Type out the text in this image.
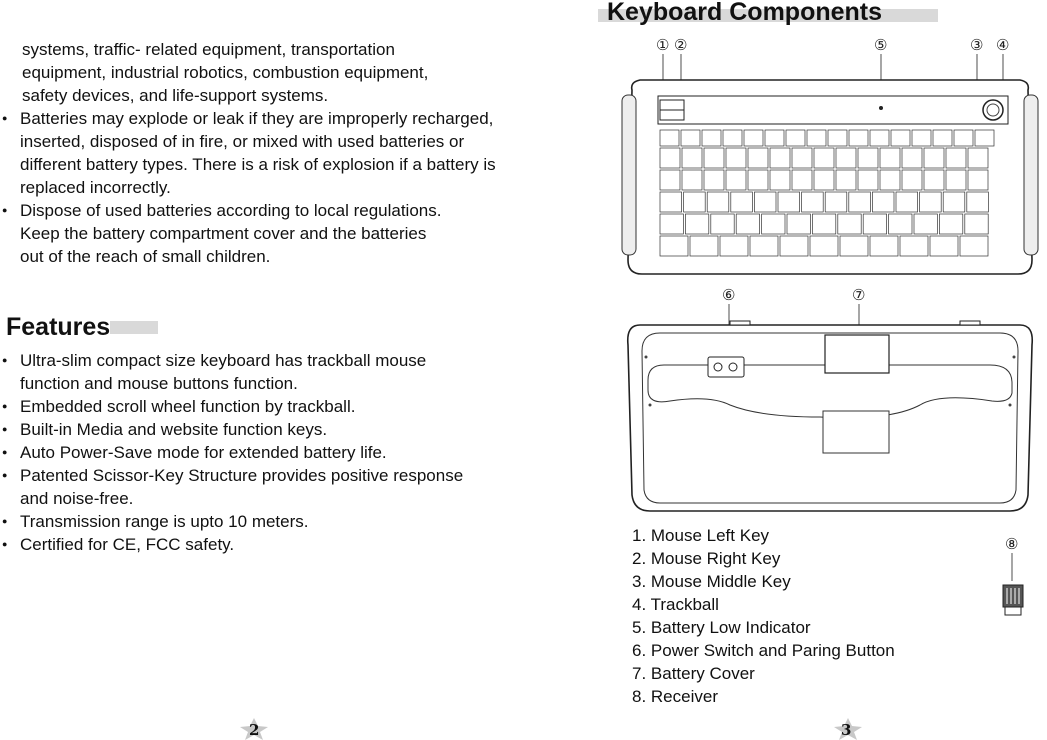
systems, traffic- related equipment, transportation
equipment, industrial robotics, combustion equipment,
safety devices, and life-support systems.
● Batteries may explode or leak if they are improperly recharged, inserted, disposed of in fire, or mixed with used batteries or different battery types. There is a risk of explosion if a battery is replaced incorrectly.
● Dispose of used batteries according to local regulations.
Keep the battery compartment cover and the batteries
out of the reach of small children.
Features
● Ultra-slim compact size keyboard has trackball mouse function and mouse buttons function.
● Embedded scroll wheel function by trackball.
● Built-in Media and website function keys.
● Auto Power-Save mode for extended battery life.
● Patented Scissor-Key Structure provides positive response and noise-free.
● Transmission range is upto 10 meters.
● Certified for CE, FCC safety.
2
Keyboard Components
① ②	⑤	③ ④
⑥	⑦
⑧
1. Mouse Left Key
2. Mouse Right Key
3. Mouse Middle Key
4. Trackball
5. Battery Low Indicator
6. Power Switch and Paring Button
7. Battery Cover
8. Receiver
3
